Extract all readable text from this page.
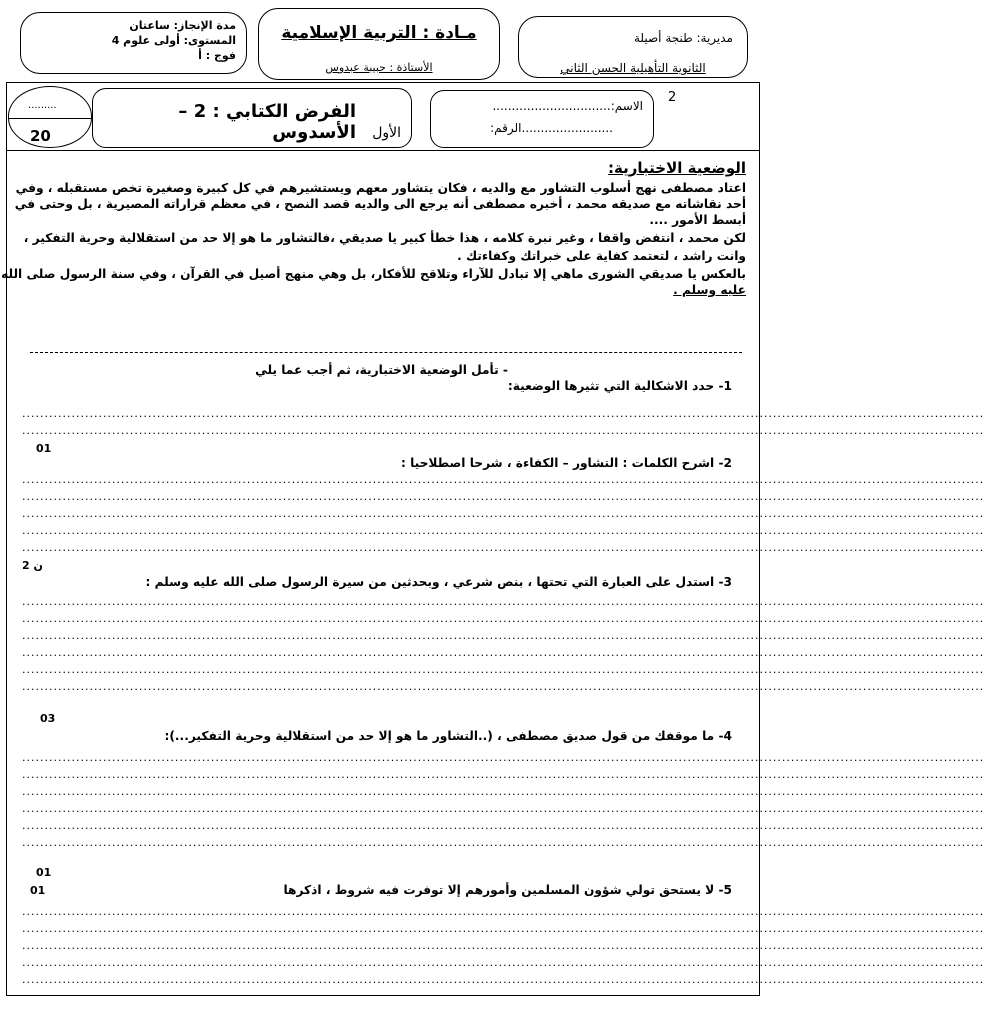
مدة الإنجاز: ساعتان
المستوى: أولى علوم 4
فوج : أ
مـادة : التربية الإسلامية
الأستاذة : حبيبة عبدوس
مديرية: طنجة أصيلة
الثانوية التأهيلية الحسن الثاني
.........
20
الفرض الكتابي : 2 – الأسدوس الأول
الاسم:...............................
:الرقم........................
2
الوضعية الاختبارية:
اعتاد مصطفى نهج أسلوب التشاور مع والديه ، فكان يتشاور معهم ويستشيرهم في كل كبيرة وصغيرة تخص مستقبله ، وفي
أحد نقاشاته مع صديقه محمد ، أخبره مصطفى أنه يرجع الى والديه قصد النصح ، في معظم قراراته المصيرية ، بل وحتى في
أبسط الأمور ....
لكن محمد ، انتفض واقفا ، وغير نبرة كلامه ، هذا خطأ كبير يا صديقي ،فالتشاور ما هو إلا حد من استقلالية وحرية التفكير ،
وانت راشد ، لتعتمد كفاية على خبراتك وكفاءتك .
بالعكس يا صديقي الشورى ماهي إلا تبادل للآراء وتلاقح للأفكار، بل وهي منهج أصيل في القرآن ، وفي سنة الرسول صلى الله
عليه وسلم .
- تأمل الوضعية الاختبارية، ثم أجب عما يلي
1- حدد الاشكالية التي تثيرها الوضعية:
......................................................................................................................................................................................................................
......................................................................................................................................................................................................................
01
2- اشرح الكلمات : التشاور – الكفاءة ، شرحا اصطلاحيا :
......................................................................................................................................................................................................................
......................................................................................................................................................................................................................
......................................................................................................................................................................................................................
......................................................................................................................................................................................................................
......................................................................................................................................................................................................................
2 ن
3- استدل على العبارة التي تحتها ، بنص شرعي ، وبحدثين من سيرة الرسول صلى الله عليه وسلم :
......................................................................................................................................................................................................................
......................................................................................................................................................................................................................
......................................................................................................................................................................................................................
......................................................................................................................................................................................................................
......................................................................................................................................................................................................................
......................................................................................................................................................................................................................
03
4- ما موقفك من قول صديق مصطفى ، (..التشاور ما هو إلا حد من استقلالية وحرية التفكير...):
......................................................................................................................................................................................................................
......................................................................................................................................................................................................................
......................................................................................................................................................................................................................
......................................................................................................................................................................................................................
......................................................................................................................................................................................................................
......................................................................................................................................................................................................................
01
5- لا يستحق تولي شؤون المسلمين وأمورهم إلا توفرت فيه شروط ، اذكرها
01
......................................................................................................................................................................................................................
......................................................................................................................................................................................................................
......................................................................................................................................................................................................................
......................................................................................................................................................................................................................
......................................................................................................................................................................................................................
